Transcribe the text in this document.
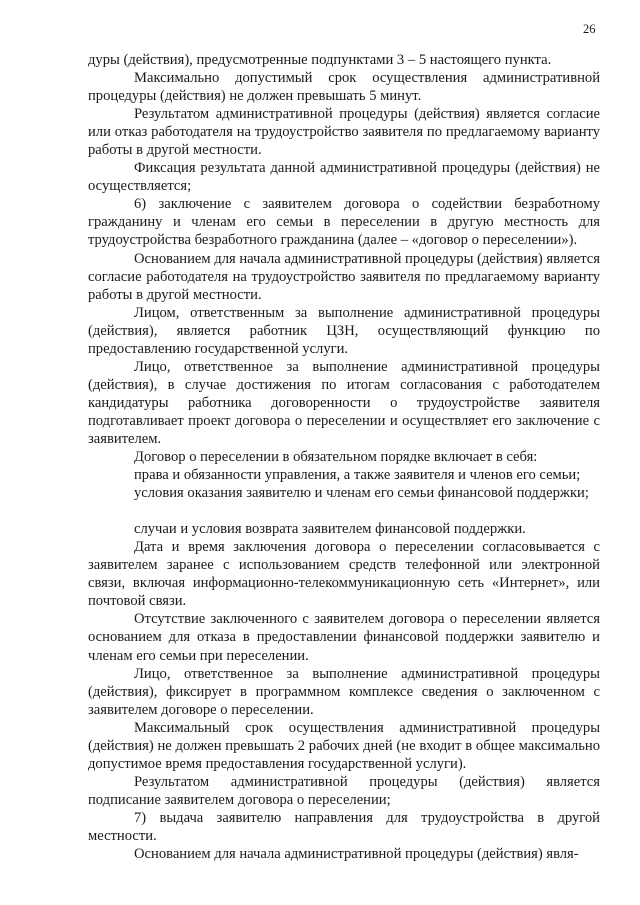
26

дуры (действия), предусмотренные подпунктами 3 – 5 настоящего пункта.

Максимально допустимый срок осуществления административной процедуры (действия) не должен превышать 5 минут.

Результатом административной процедуры (действия) является согласие или отказ работодателя на трудоустройство заявителя по предлагаемому варианту работы в другой местности.

Фиксация результата данной административной процедуры (действия) не осуществляется;

6) заключение с заявителем договора о содействии безработному гражданину и членам его семьи в переселении в другую местность для трудоустройства безработного гражданина (далее – «договор о переселении»).

Основанием для начала административной процедуры (действия) является согласие работодателя на трудоустройство заявителя по предлагаемому варианту работы в другой местности.

Лицом, ответственным за выполнение административной процедуры (действия), является работник ЦЗН, осуществляющий функцию по предоставлению государственной услуги.

Лицо, ответственное за выполнение административной процедуры (действия), в случае достижения по итогам согласования с работодателем кандидатуры работника договоренности о трудоустройстве заявителя подготавливает проект договора о переселении и осуществляет его заключение с заявителем.

Договор о переселении в обязательном порядке включает в себя:

права и обязанности управления, а также заявителя и членов его семьи;

условия оказания заявителю и членам его семьи финансовой поддержки;

случаи и условия возврата заявителем финансовой поддержки.

Дата и время заключения договора о переселении согласовывается с заявителем заранее с использованием средств телефонной или электронной связи, включая информационно-телекоммуникационную сеть «Интернет», или почтовой связи.

Отсутствие заключенного с заявителем договора о переселении является основанием для отказа в предоставлении финансовой поддержки заявителю и членам его семьи при переселении.

Лицо, ответственное за выполнение административной процедуры (действия), фиксирует в программном комплексе сведения о заключенном с заявителем договоре о переселении.

Максимальный срок осуществления административной процедуры (действия) не должен превышать 2 рабочих дней (не входит в общее максимально допустимое время предоставления государственной услуги).

Результатом административной процедуры (действия) является подписание заявителем договора о переселении;

7) выдача заявителю направления для трудоустройства в другой местности.

Основанием для начала административной процедуры (действия) явля-
